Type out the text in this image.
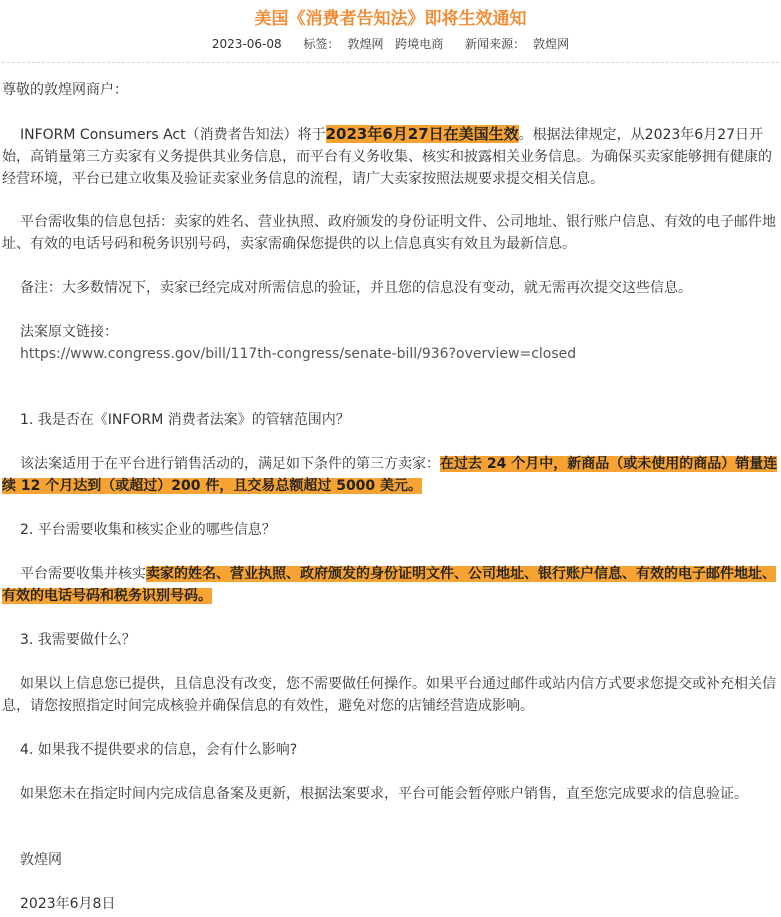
美国《消费者告知法》即将生效通知
2023-06-08 标签： 敦煌网 跨境电商 新闻来源： 敦煌网

尊敬的敦煌网商户：

INFORM Consumers Act（消费者告知法）将于2023年6月27日在美国生效。根据法律规定，从2023年6月27日开始，高销量第三方卖家有义务提供其业务信息，而平台有义务收集、核实和披露相关业务信息。为确保买卖家能够拥有健康的经营环境，平台已建立收集及验证卖家业务信息的流程，请广大卖家按照法规要求提交相关信息。

平台需收集的信息包括：卖家的姓名、营业执照、政府颁发的身份证明文件、公司地址、银行账户信息、有效的电子邮件地址、有效的电话号码和税务识别号码，卖家需确保您提供的以上信息真实有效且为最新信息。

备注：大多数情况下，卖家已经完成对所需信息的验证，并且您的信息没有变动，就无需再次提交这些信息。

法案原文链接：

https://www.congress.gov/bill/117th-congress/senate-bill/936?overview=closed

1. 我是否在《INFORM 消费者法案》的管辖范围内？

该法案适用于在平台进行销售活动的，满足如下条件的第三方卖家：在过去 24 个月中，新商品（或未使用的商品）销量连续 12 个月达到（或超过）200 件，且交易总额超过 5000 美元。

2. 平台需要收集和核实企业的哪些信息？

平台需要收集并核实卖家的姓名、营业执照、政府颁发的身份证明文件、公司地址、银行账户信息、有效的电子邮件地址、有效的电话号码和税务识别号码。

3. 我需要做什么？

如果以上信息您已提供，且信息没有改变，您不需要做任何操作。如果平台通过邮件或站内信方式要求您提交或补充相关信息，请您按照指定时间完成核验并确保信息的有效性，避免对您的店铺经营造成影响。

4. 如果我不提供要求的信息，会有什么影响?

如果您未在指定时间内完成信息备案及更新，根据法案要求，平台可能会暂停账户销售，直至您完成要求的信息验证。

敦煌网

2023年6月8日
